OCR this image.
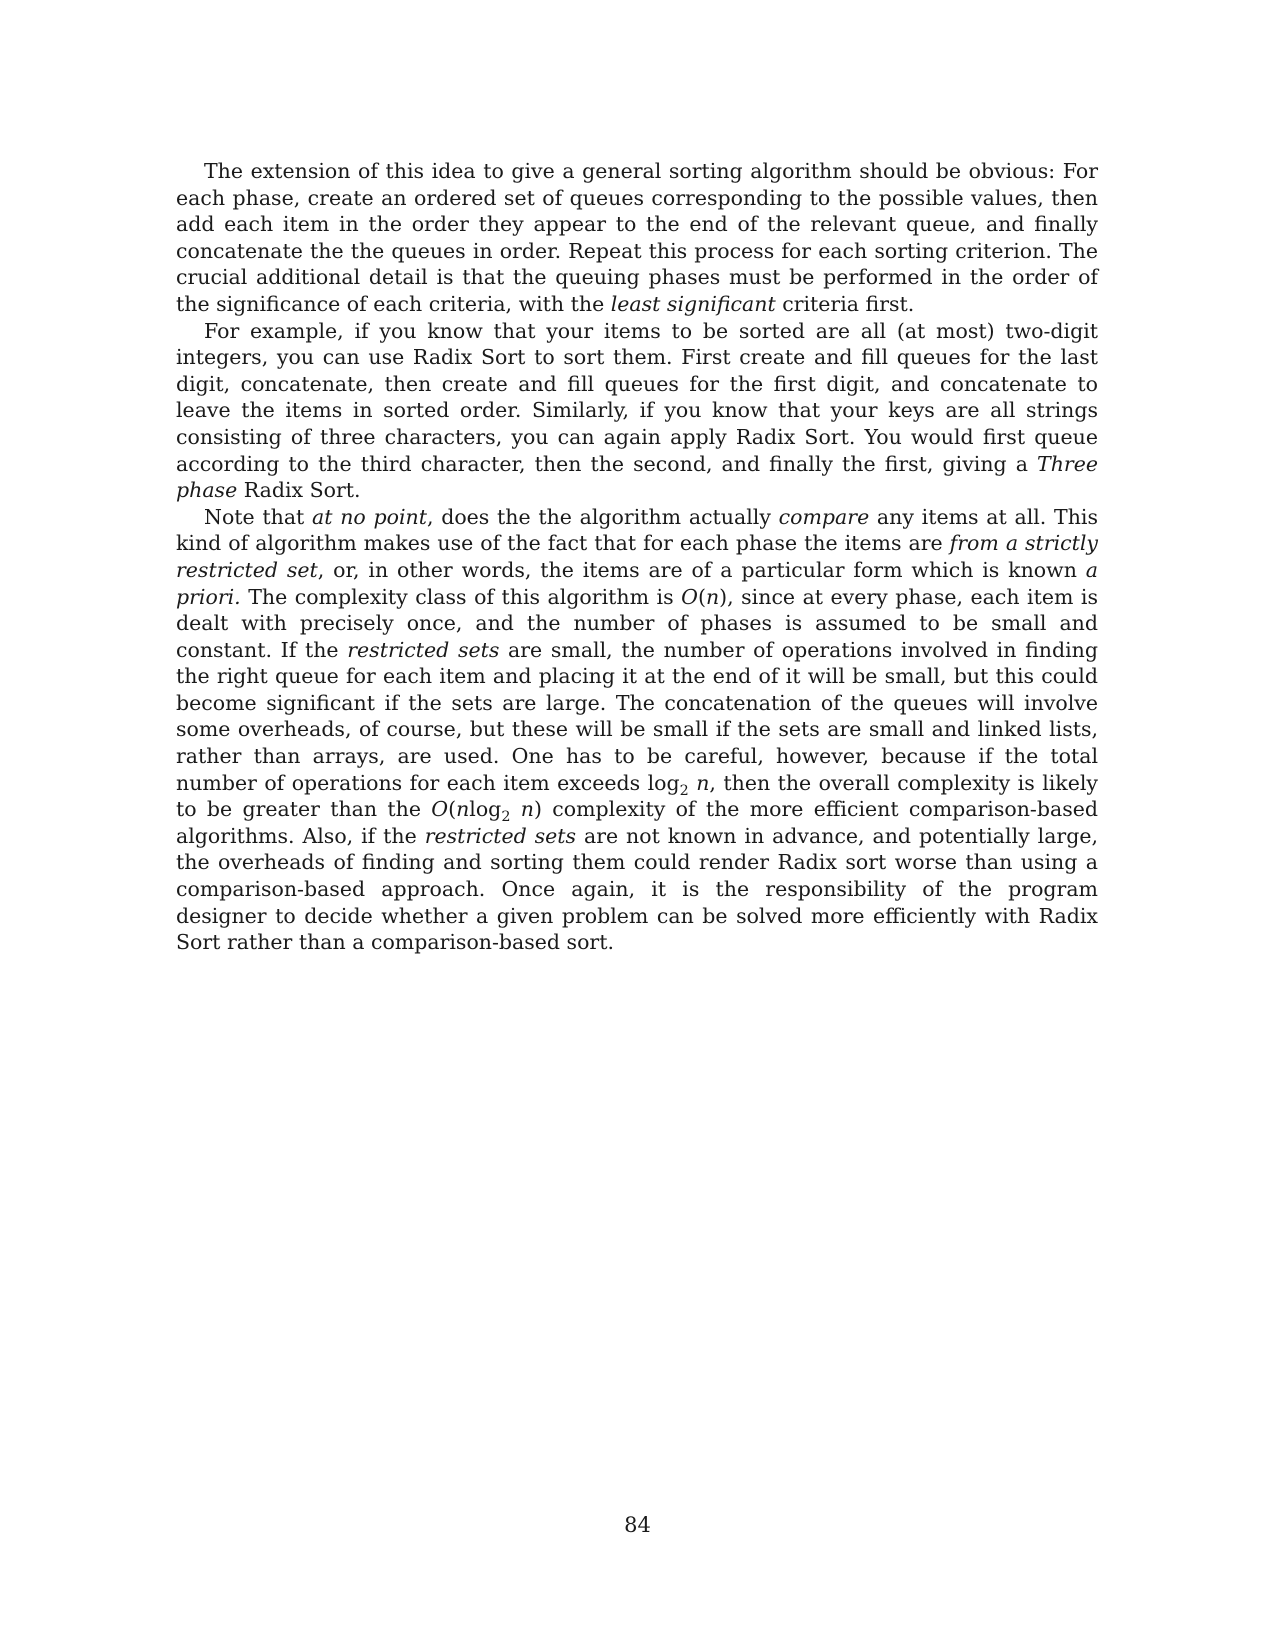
The extension of this idea to give a general sorting algorithm should be obvious: For each phase, create an ordered set of queues corresponding to the possible values, then add each item in the order they appear to the end of the relevant queue, and finally concatenate the the queues in order. Repeat this process for each sorting criterion. The crucial additional detail is that the queuing phases must be performed in the order of the significance of each criteria, with the least significant criteria first.

For example, if you know that your items to be sorted are all (at most) two-digit integers, you can use Radix Sort to sort them. First create and fill queues for the last digit, concatenate, then create and fill queues for the first digit, and concatenate to leave the items in sorted order. Similarly, if you know that your keys are all strings consisting of three characters, you can again apply Radix Sort. You would first queue according to the third character, then the second, and finally the first, giving a Three phase Radix Sort.

Note that at no point, does the the algorithm actually compare any items at all. This kind of algorithm makes use of the fact that for each phase the items are from a strictly restricted set, or, in other words, the items are of a particular form which is known a priori. The complexity class of this algorithm is O(n), since at every phase, each item is dealt with precisely once, and the number of phases is assumed to be small and constant. If the restricted sets are small, the number of operations involved in finding the right queue for each item and placing it at the end of it will be small, but this could become significant if the sets are large. The concatenation of the queues will involve some overheads, of course, but these will be small if the sets are small and linked lists, rather than arrays, are used. One has to be careful, however, because if the total number of operations for each item exceeds $\log_2 n$, then the overall complexity is likely to be greater than the O(nlog$_2$ n) complexity of the more efficient comparison-based algorithms. Also, if the restricted sets are not known in advance, and potentially large, the overheads of finding and sorting them could render Radix sort worse than using a comparison-based approach. Once again, it is the responsibility of the program designer to decide whether a given problem can be solved more efficiently with Radix Sort rather than a comparison-based sort.

84
